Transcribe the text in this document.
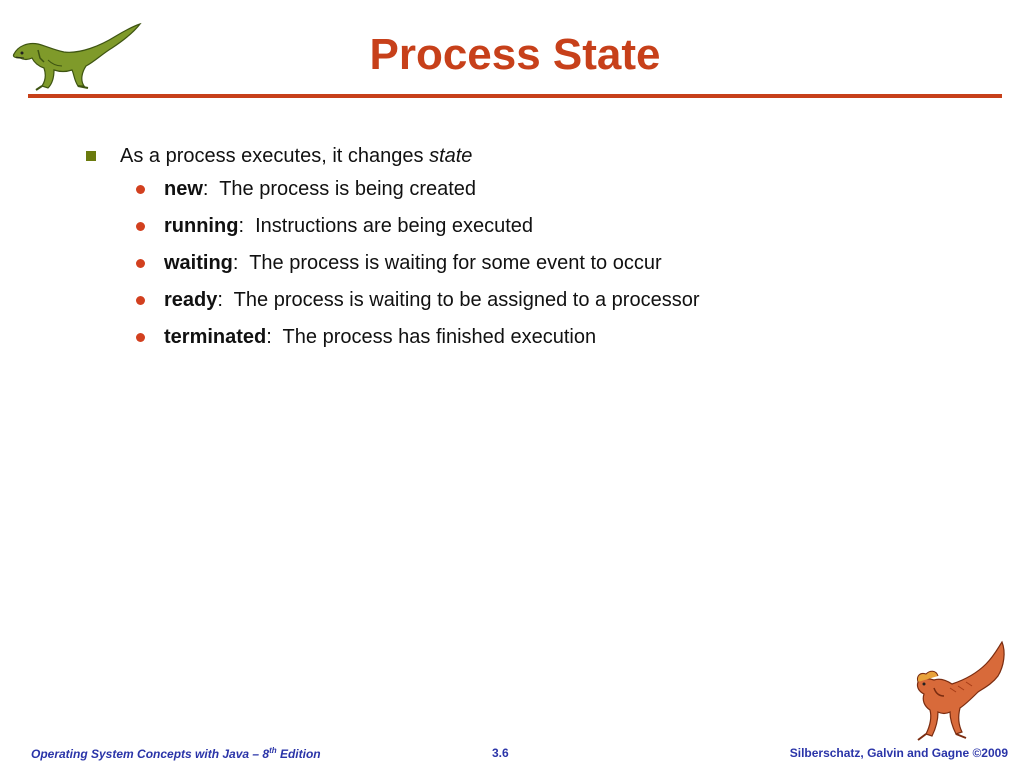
Process State
As a process executes, it changes state
new :  The process is being created
running :  Instructions are being executed
waiting :  The process is waiting for some event to occur
ready :  The process is waiting to be assigned to a processor
terminated :  The process has finished execution
Operating System Concepts with Java – 8th Edition	3.6	Silberschatz, Galvin and Gagne ©2009
